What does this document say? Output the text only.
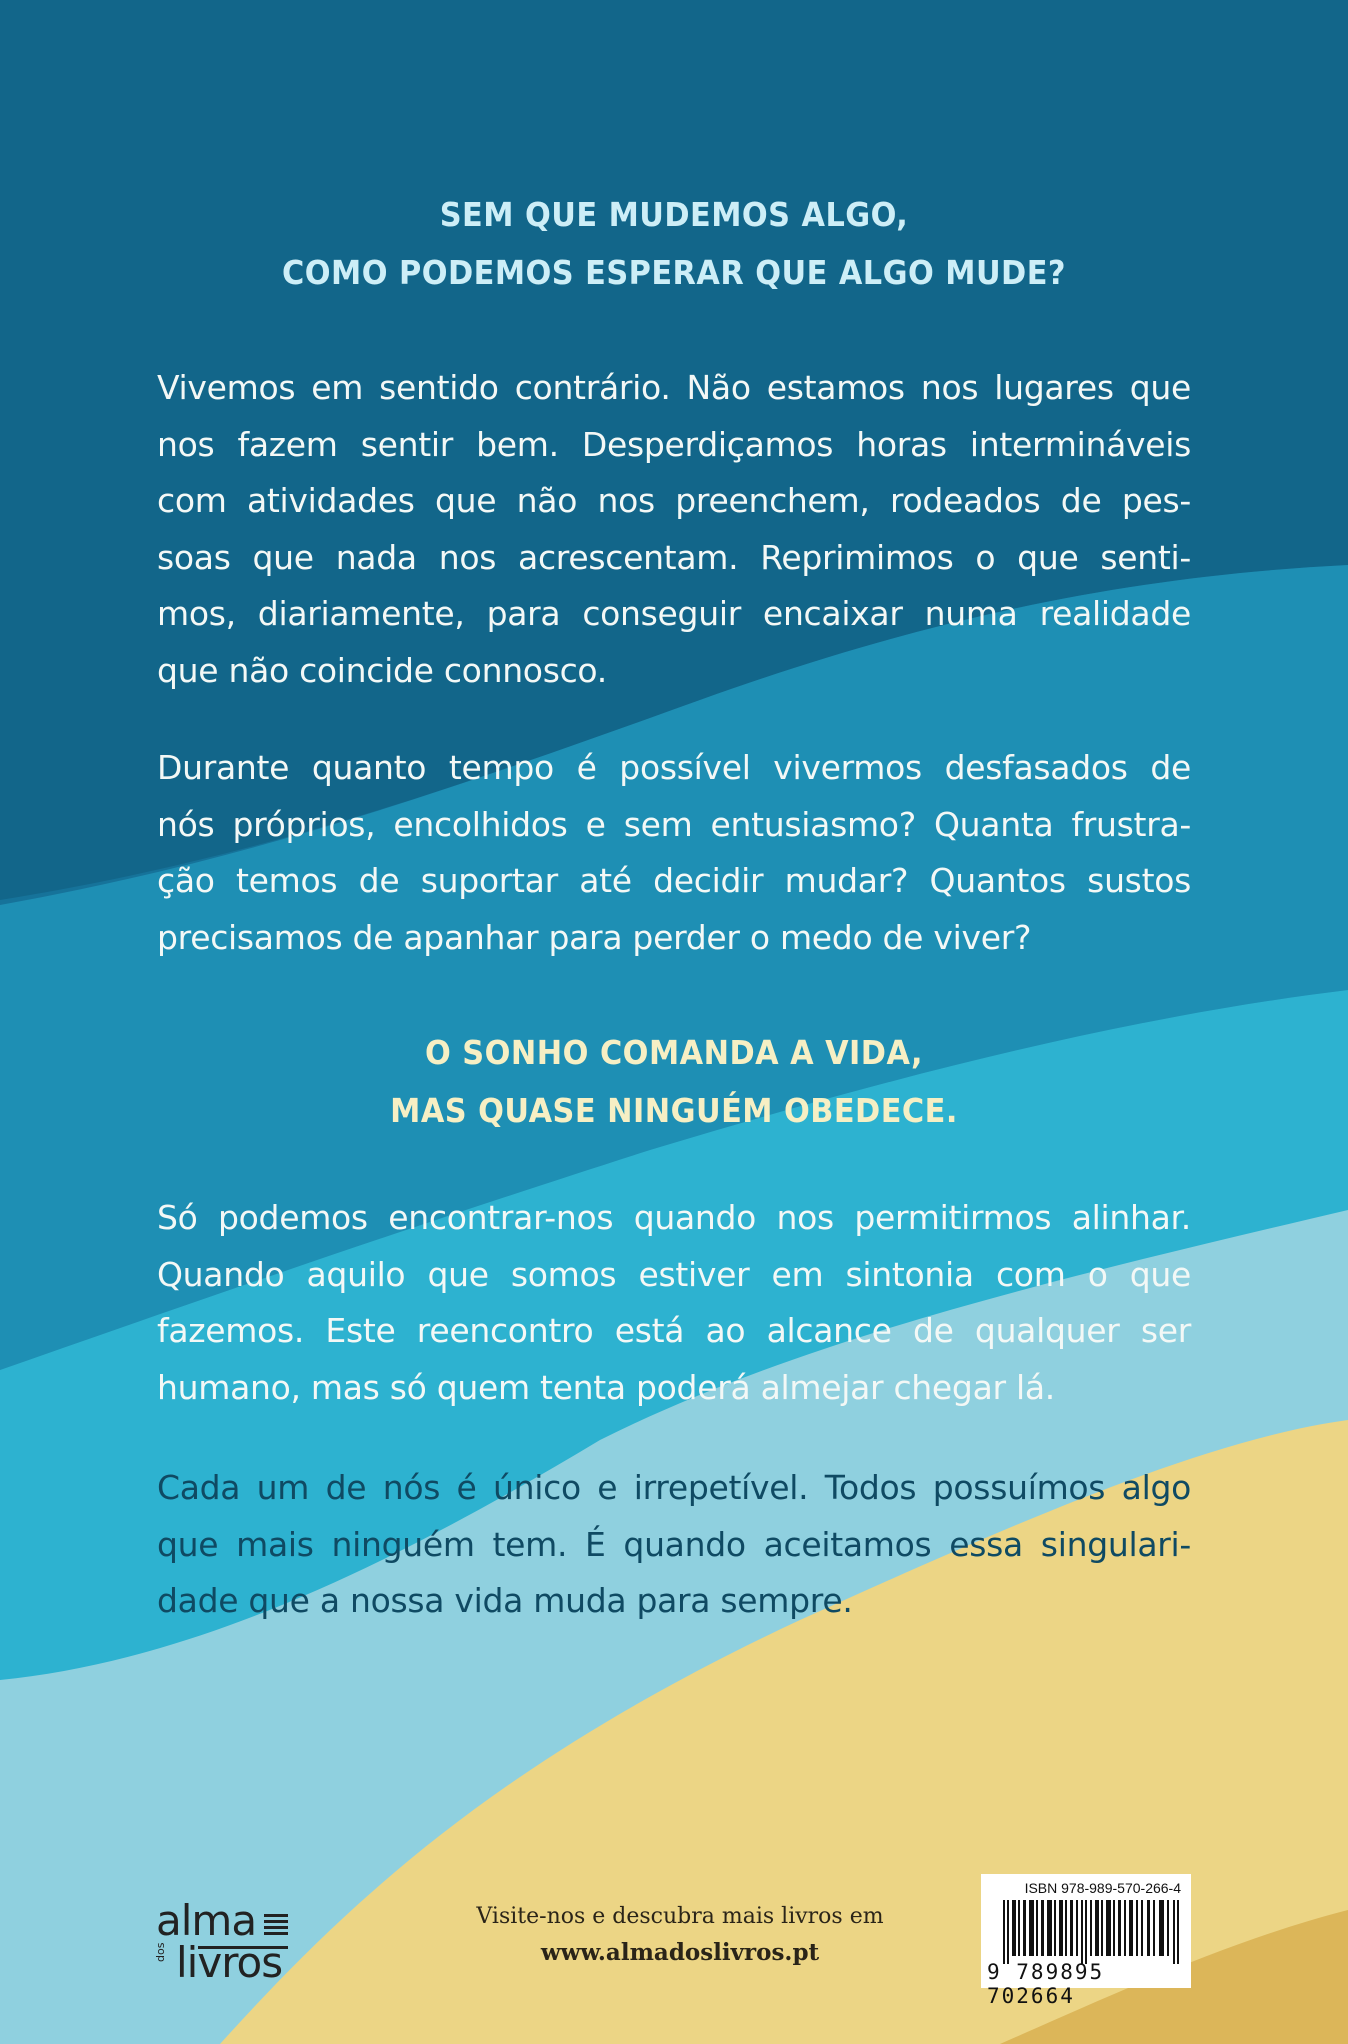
SEM QUE MUDEMOS ALGO,
COMO PODEMOS ESPERAR QUE ALGO MUDE?
Vivemos em sentido contrário. Não estamos nos lugares que
nos fazem sentir bem. Desperdiçamos horas intermináveis
com atividades que não nos preenchem, rodeados de pes-
soas que nada nos acrescentam. Reprimimos o que senti-
mos, diariamente, para conseguir encaixar numa realidade
que não coincide connosco.
Durante quanto tempo é possível vivermos desfasados de
nós próprios, encolhidos e sem entusiasmo? Quanta frustra-
ção temos de suportar até decidir mudar? Quantos sustos
precisamos de apanhar para perder o medo de viver?
O SONHO COMANDA A VIDA,
MAS QUASE NINGUÉM OBEDECE.
Só podemos encontrar-nos quando nos permitirmos alinhar.
Quando aquilo que somos estiver em sintonia com o que
fazemos. Este reencontro está ao alcance de qualquer ser
humano, mas só quem tenta poderá almejar chegar lá.
Cada um de nós é único e irrepetível. Todos possuímos algo
que mais ninguém tem. É quando aceitamos essa singulari-
dade que a nossa vida muda para sempre.
alma
dos livros
Visite-nos e descubra mais livros em
www.almadoslivros.pt
ISBN 978-989-570-266-4
9 789895 702664
